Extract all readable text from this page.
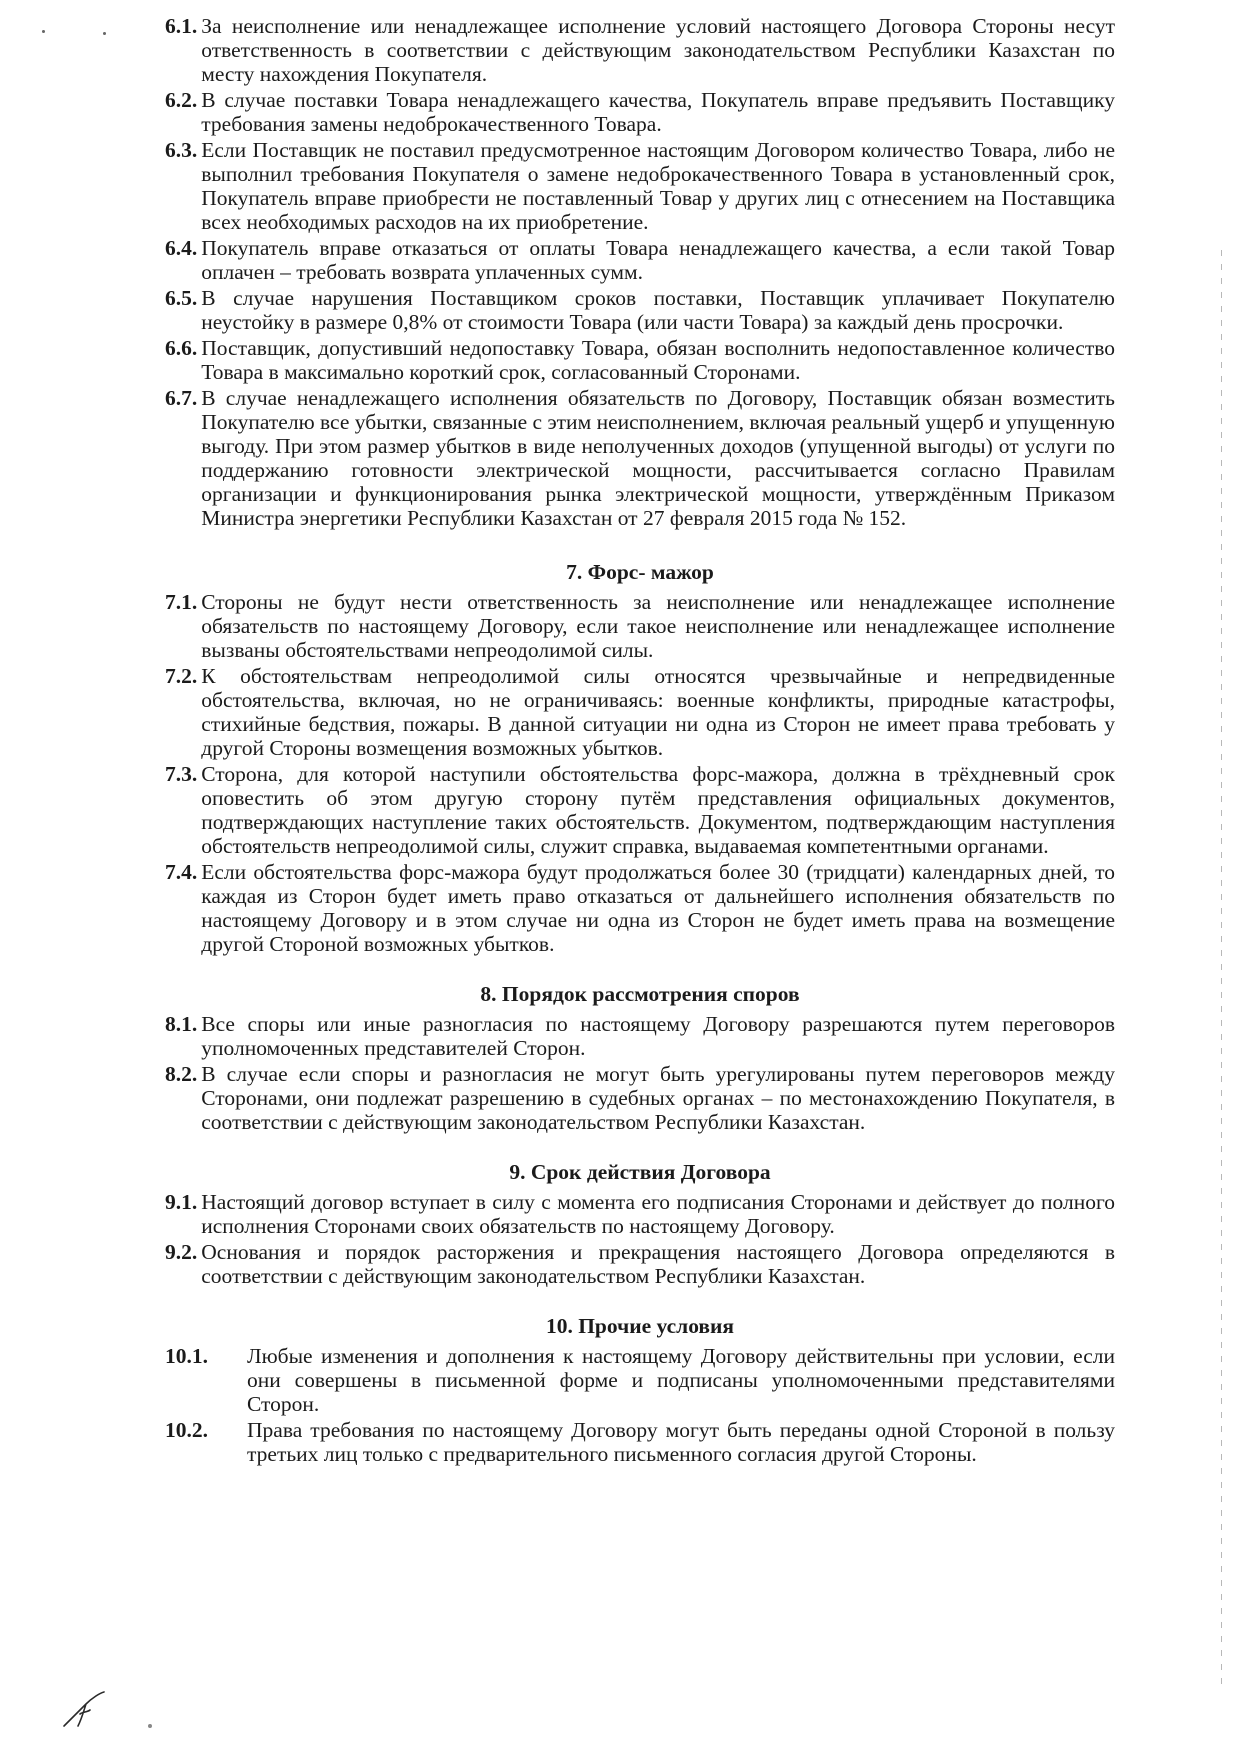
6.1. За неисполнение или ненадлежащее исполнение условий настоящего Договора Стороны несут ответственность в соответствии с действующим законодательством Республики Казахстан по месту нахождения Покупателя.
6.2. В случае поставки Товара ненадлежащего качества, Покупатель вправе предъявить Поставщику требования замены недоброкачественного Товара.
6.3. Если Поставщик не поставил предусмотренное настоящим Договором количество Товара, либо не выполнил требования Покупателя о замене недоброкачественного Товара в установленный срок, Покупатель вправе приобрести не поставленный Товар у других лиц с отнесением на Поставщика всех необходимых расходов на их приобретение.
6.4. Покупатель вправе отказаться от оплаты Товара ненадлежащего качества, а если такой Товар оплачен – требовать возврата уплаченных сумм.
6.5. В случае нарушения Поставщиком сроков поставки, Поставщик уплачивает Покупателю неустойку в размере 0,8% от стоимости Товара (или части Товара) за каждый день просрочки.
6.6. Поставщик, допустивший недопоставку Товара, обязан восполнить недопоставленное количество Товара в максимально короткий срок, согласованный Сторонами.
6.7. В случае ненадлежащего исполнения обязательств по Договору, Поставщик обязан возместить Покупателю все убытки, связанные с этим неисполнением, включая реальный ущерб и упущенную выгоду. При этом размер убытков в виде неполученных доходов (упущенной выгоды) от услуги по поддержанию готовности электрической мощности, рассчитывается согласно Правилам организации и функционирования рынка электрической мощности, утверждённым Приказом Министра энергетики Республики Казахстан от 27 февраля 2015 года № 152.
7. Форс- мажор
7.1. Стороны не будут нести ответственность за неисполнение или ненадлежащее исполнение обязательств по настоящему Договору, если такое неисполнение или ненадлежащее исполнение вызваны обстоятельствами непреодолимой силы.
7.2. К обстоятельствам непреодолимой силы относятся чрезвычайные и непредвиденные обстоятельства, включая, но не ограничиваясь: военные конфликты, природные катастрофы, стихийные бедствия, пожары. В данной ситуации ни одна из Сторон не имеет права требовать у другой Стороны возмещения возможных убытков.
7.3. Сторона, для которой наступили обстоятельства форс-мажора, должна в трёхдневный срок оповестить об этом другую сторону путём представления официальных документов, подтверждающих наступление таких обстоятельств. Документом, подтверждающим наступления обстоятельств непреодолимой силы, служит справка, выдаваемая компетентными органами.
7.4. Если обстоятельства форс-мажора будут продолжаться более 30 (тридцати) календарных дней, то каждая из Сторон будет иметь право отказаться от дальнейшего исполнения обязательств по настоящему Договору и в этом случае ни одна из Сторон не будет иметь права на возмещение другой Стороной возможных убытков.
8. Порядок рассмотрения споров
8.1. Все споры или иные разногласия по настоящему Договору разрешаются путем переговоров уполномоченных представителей Сторон.
8.2. В случае если споры и разногласия не могут быть урегулированы путем переговоров между Сторонами, они подлежат разрешению в судебных органах – по местонахождению Покупателя, в соответствии с действующим законодательством Республики Казахстан.
9. Срок действия Договора
9.1. Настоящий договор вступает в силу с момента его подписания Сторонами и действует до полного исполнения Сторонами своих обязательств по настоящему Договору.
9.2. Основания и порядок расторжения и прекращения настоящего Договора определяются в соответствии с действующим законодательством Республики Казахстан.
10. Прочие условия
10.1.	Любые изменения и дополнения к настоящему Договору действительны при условии, если они совершены в письменной форме и подписаны уполномоченными представителями Сторон.
10.2.	Права требования по настоящему Договору могут быть переданы одной Стороной в пользу третьих лиц только с предварительного письменного согласия другой Стороны.
